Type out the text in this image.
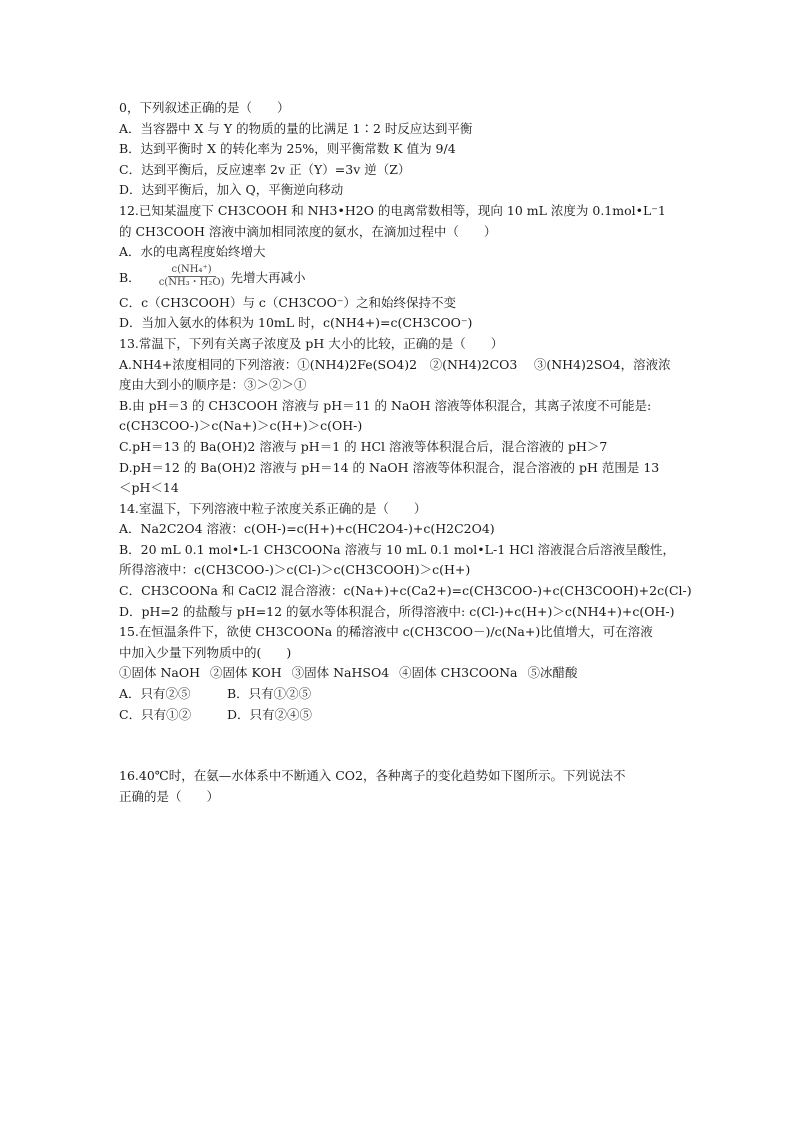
0，下列叙述正确的是（　　）
A．当容器中 X 与 Y 的物质的量的比满足 1∶2 时反应达到平衡
B．达到平衡时 X 的转化率为 25%，则平衡常数 K 值为 9/4
C．达到平衡后，反应速率 2v 正（Y）=3v 逆（Z）
D．达到平衡后，加入 Q，平衡逆向移动
12.已知某温度下 CH3COOH 和 NH3•H2O 的电离常数相等，现向 10 mL 浓度为 0.1mol•L⁻1
的 CH3COOH 溶液中滴加相同浓度的氨水，在滴加过程中（　　）
A．水的电离程度始终增大
B． $\frac{\text{c(NH₄⁺)}}{\text{c(NH₃・H₂O)}}$ 先增大再减小
C．c（CH3COOH）与 c（CH3COO⁻）之和始终保持不变
D．当加入氨水的体积为 10mL 时，c(NH4+)=c(CH3COO⁻)
13.常温下，下列有关离子浓度及 pH 大小的比较，正确的是（　　）
A.NH4+浓度相同的下列溶液：①(NH4)2Fe(SO4)2　②(NH4)2CO3　 ③(NH4)2SO4，溶液浓
度由大到小的顺序是：③＞②＞①
B.由 pH＝3 的 CH3COOH 溶液与 pH＝11 的 NaOH 溶液等体积混合，其离子浓度不可能是:
c(CH3COO-)＞c(Na+)＞c(H+)＞c(OH-)
C.pH＝13 的 Ba(OH)2 溶液与 pH＝1 的 HCl 溶液等体积混合后，混合溶液的 pH＞7
D.pH＝12 的 Ba(OH)2 溶液与 pH＝14 的 NaOH 溶液等体积混合，混合溶液的 pH 范围是 13
＜pH＜14
14.室温下，下列溶液中粒子浓度关系正确的是（　　）
A．Na2C2O4 溶液：c(OH-)=c(H+)+c(HC2O4-)+c(H2C2O4)
B．20 mL 0.1 mol•L-1 CH3COONa 溶液与 10 mL 0.1 mol•L-1 HCl 溶液混合后溶液呈酸性，
所得溶液中：c(CH3COO-)＞c(Cl-)＞c(CH3COOH)＞c(H+)
C．CH3COONa 和 CaCl2 混合溶液：c(Na+)+c(Ca2+)=c(CH3COO-)+c(CH3COOH)+2c(Cl-)
D．pH=2 的盐酸与 pH=12 的氨水等体积混合，所得溶液中: c(Cl-)+c(H+)＞c(NH4+)+c(OH-)
15.在恒温条件下，欲使 CH3COONa 的稀溶液中 c(CH3COO－)/c(Na+)比值增大，可在溶液
中加入少量下列物质中的(　　)
①固体 NaOH ②固体 KOH ③固体 NaHSO4 ④固体 CH3COONa ⑤冰醋酸
A．只有②⑤	B．只有①②⑤
C．只有①②	D．只有②④⑤
16.40℃时，在氨—水体系中不断通入 CO2，各种离子的变化趋势如下图所示。下列说法不
正确的是（　　）
